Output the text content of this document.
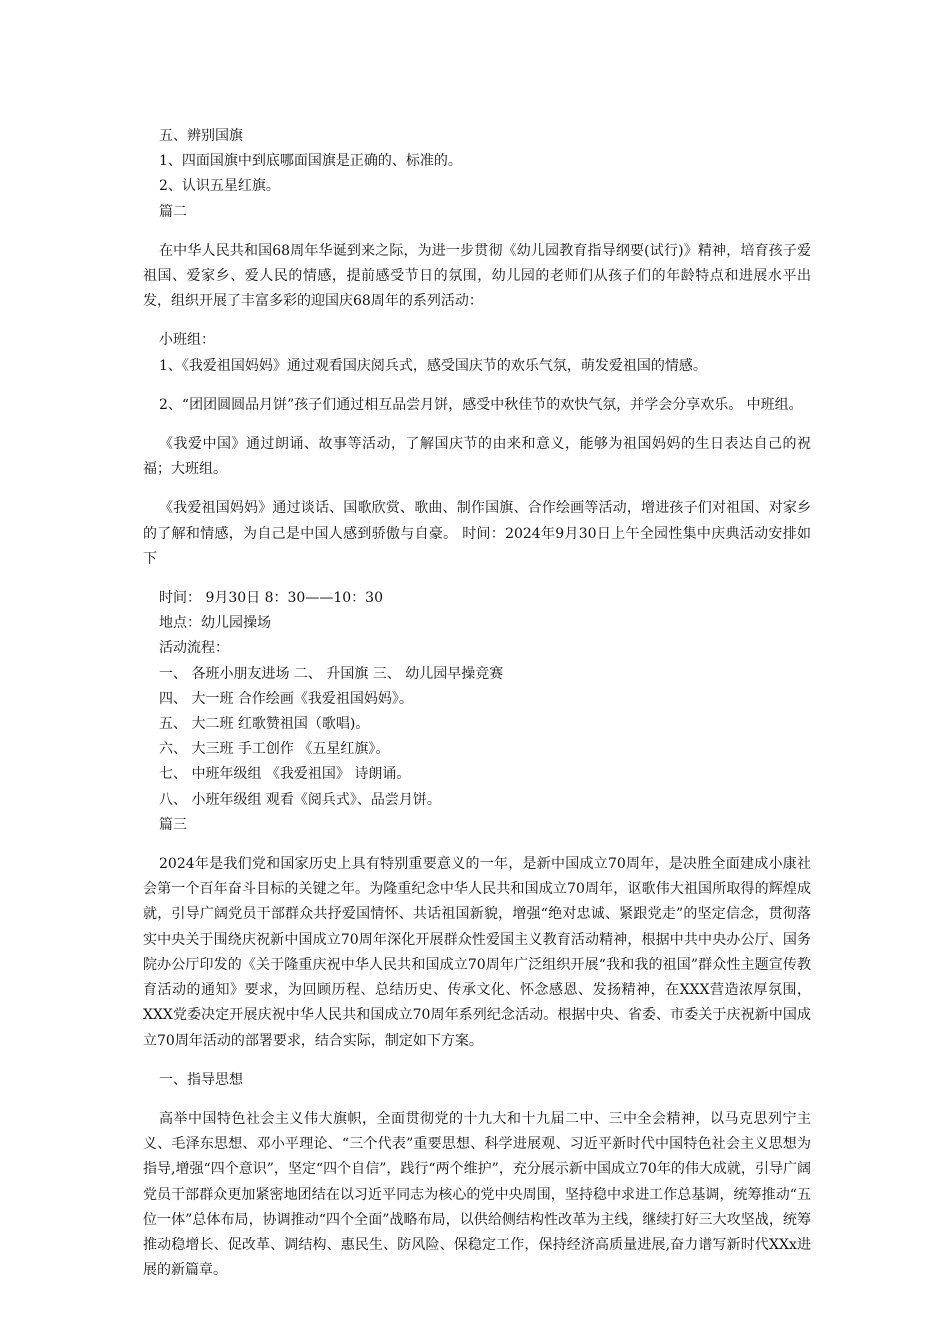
五、辨别国旗

1、四面国旗中到底哪面国旗是正确的、标准的。

2、认识五星红旗。

篇二

在中华人民共和国68周年华诞到来之际，为进一步贯彻《幼儿园教育指导纲要(试行)》精神，培育孩子爱祖国、爱家乡、爱人民的情感，提前感受节日的氛围，幼儿园的老师们从孩子们的年龄特点和进展水平出发，组织开展了丰富多彩的迎国庆68周年的系列活动：

小班组：

1、《我爱祖国妈妈》通过观看国庆阅兵式，感受国庆节的欢乐气氛，萌发爱祖国的情感。

2、“团团圆圆品月饼”孩子们通过相互品尝月饼，感受中秋佳节的欢快气氛，并学会分享欢乐。 中班组。

《我爱中国》通过朗诵、故事等活动，了解国庆节的由来和意义，能够为祖国妈妈的生日表达自己的祝福；大班组。

《我爱祖国妈妈》通过谈话、国歌欣赏、歌曲、制作国旗、合作绘画等活动，增进孩子们对祖国、对家乡的了解和情感，为自己是中国人感到骄傲与自豪。 时间：2024年9月30日上午全园性集中庆典活动安排如下

时间： 9月30日 8：30——10：30

地点：幼儿园操场

活动流程：

一、 各班小朋友进场 二、 升国旗 三、 幼儿园早操竞赛

四、 大一班 合作绘画《我爱祖国妈妈》。

五、 大二班 红歌赞祖国（歌唱)。

六、 大三班 手工创作 《五星红旗》。

七、 中班年级组 《我爱祖国》 诗朗诵。

八、 小班年级组 观看《阅兵式》、品尝月饼。

篇三

2024年是我们党和国家历史上具有特别重要意义的一年，是新中国成立70周年，是决胜全面建成小康社会第一个百年奋斗目标的关键之年。为隆重纪念中华人民共和国成立70周年，讴歌伟大祖国所取得的辉煌成就，引导广阔党员干部群众共抒爱国情怀、共话祖国新貌，增强“绝对忠诚、紧跟党走”的坚定信念，贯彻落实中央关于围绕庆祝新中国成立70周年深化开展群众性爱国主义教育活动精神，根据中共中央办公厅、国务院办公厅印发的《关于隆重庆祝中华人民共和国成立70周年广泛组织开展“我和我的祖国”群众性主题宣传教育活动的通知》要求，为回顾历程、总结历史、传承文化、怀念感恩、发扬精神，在XXX营造浓厚氛围，XXX党委决定开展庆祝中华人民共和国成立70周年系列纪念活动。根据中央、省委、市委关于庆祝新中国成立70周年活动的部署要求，结合实际，制定如下方案。

一、指导思想

高举中国特色社会主义伟大旗帜，全面贯彻党的十九大和十九届二中、三中全会精神，以马克思列宁主义、毛泽东思想、邓小平理论、“三个代表”重要思想、科学进展观、习近平新时代中国特色社会主义思想为指导,增强“四个意识”，坚定“四个自信”，践行“两个维护”，充分展示新中国成立70年的伟大成就，引导广阔党员干部群众更加紧密地团结在以习近平同志为核心的党中央周围，坚持稳中求进工作总基调，统筹推动“五位一体”总体布局，协调推动“四个全面”战略布局，以供给侧结构性改革为主线，继续打好三大攻坚战，统筹推动稳增长、促改革、调结构、惠民生、防风险、保稳定工作，保持经济高质量进展,奋力谱写新时代XXx进展的新篇章。
